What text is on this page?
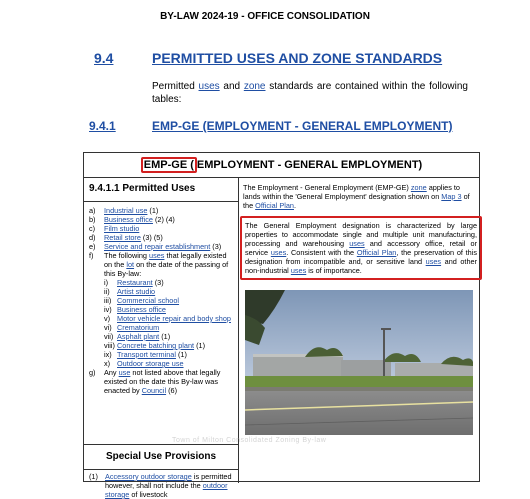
BY-LAW 2024-19 - OFFICE CONSOLIDATION
9.4	PERMITTED USES AND ZONE STANDARDS
Permitted uses and zone standards are contained within the following tables:
9.4.1	EMP-GE (EMPLOYMENT - GENERAL EMPLOYMENT)
EMP-GE ( EMPLOYMENT - GENERAL EMPLOYMENT)
9.4.1.1 Permitted Uses
a)	Industrial use (1)
b)	Business office (2) (4)
c)	Film studio
d)	Retail store (3) (5)
e)	Service and repair establishment (3)
f)	The following uses that legally existed on the lot on the date of the passing of this By-law:
i)	Restaurant (3)
ii)	Artist studio
iii) Commercial school
iv) Business office
v) Motor vehicle repair and body shop
vi) Crematorium
vii) Asphalt plant (1)
viii) Concrete batching plant (1)
ix) Transport terminal (1)
x) Outdoor storage use
g)	Any use not listed above that legally existed on the date this By-law was enacted by Council (6)
Special Use Provisions
(1) Accessory outdoor storage is permitted however, shall not include the outdoor storage of livestock
The Employment - General Employment (EMP-GE) zone applies to lands within the 'General Employment' designation shown on Map 3 of the Official Plan.
The General Employment designation is characterized by large properties to accommodate single and multiple unit manufacturing, processing and warehousing uses and accessory office, retail or service uses. Consistent with the Official Plan, the preservation of this designation from incompatible and, or sensitive land uses and other non-industrial uses is of importance.
Town of Milton Consolidated Zoning By-law
